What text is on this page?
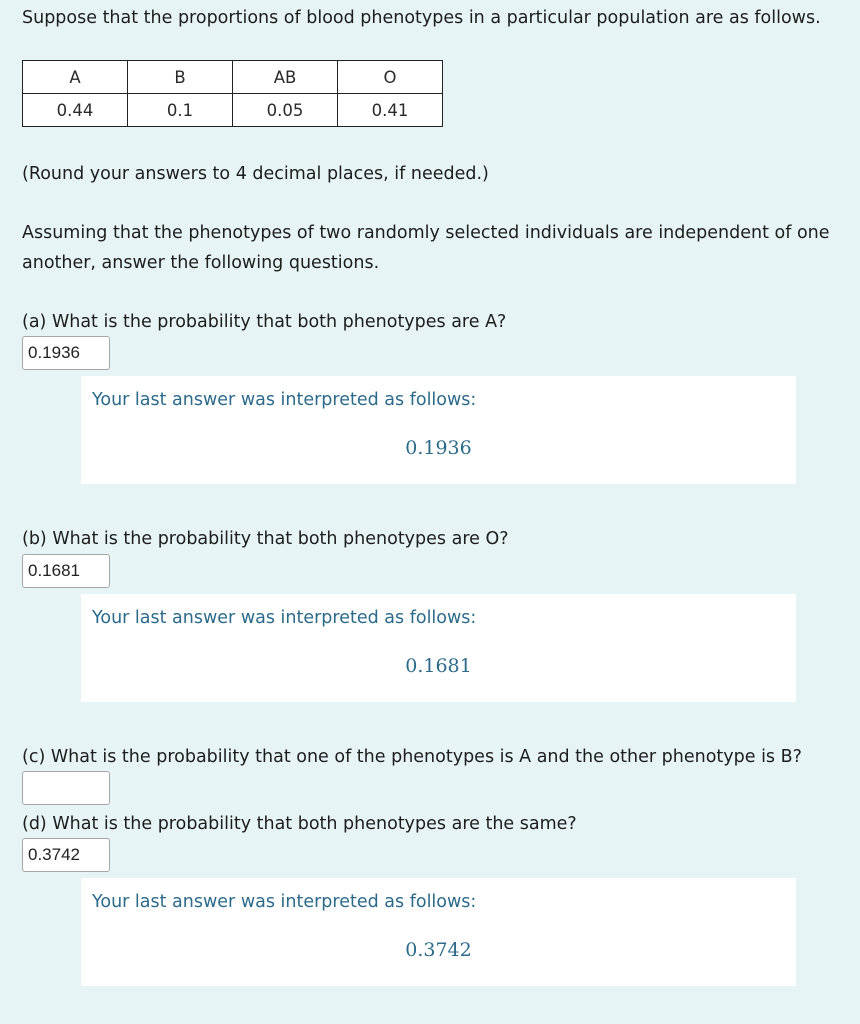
Suppose that the proportions of blood phenotypes in a particular population are as follows.
A	B	AB	O
0.44	0.1	0.05	0.41
(Round your answers to 4 decimal places, if needed.)
Assuming that the phenotypes of two randomly selected individuals are independent of one another, answer the following questions.
(a) What is the probability that both phenotypes are A?
0.1936
Your last answer was interpreted as follows:
0.1936
(b) What is the probability that both phenotypes are O?
0.1681
Your last answer was interpreted as follows:
0.1681
(c) What is the probability that one of the phenotypes is A and the other phenotype is B?
(d) What is the probability that both phenotypes are the same?
0.3742
Your last answer was interpreted as follows:
0.3742
